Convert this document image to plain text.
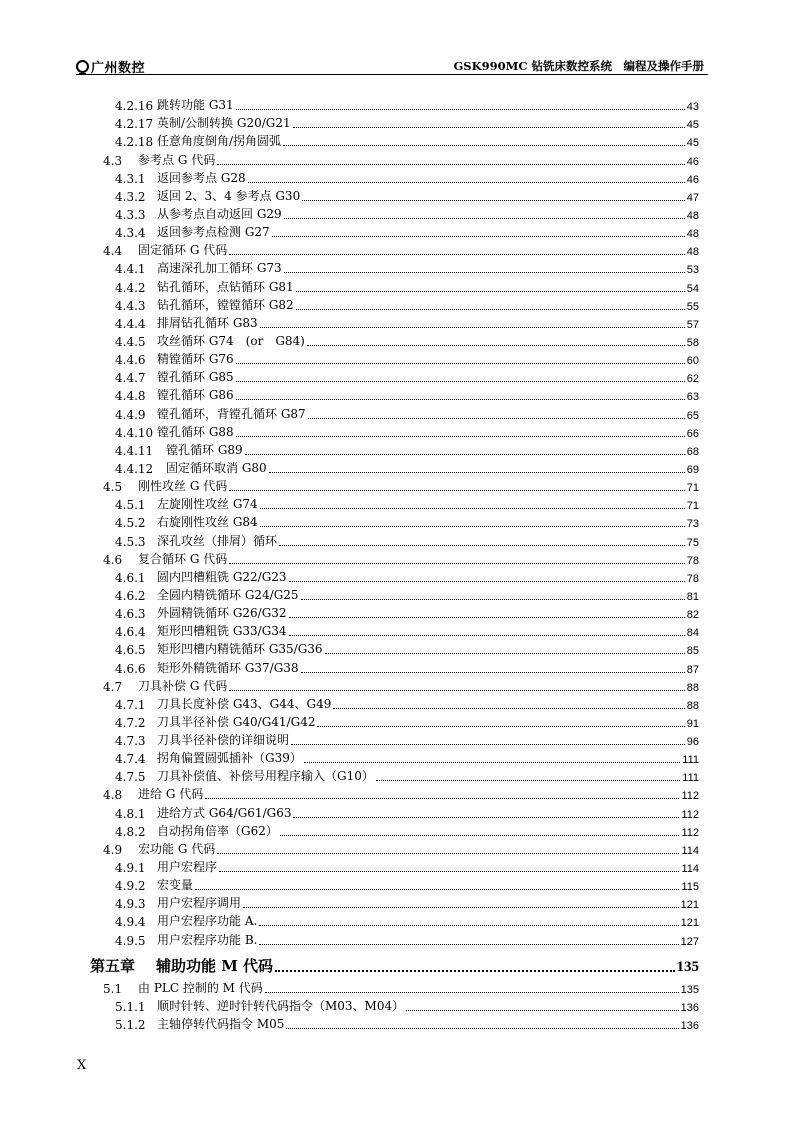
广州数控	GSK990MC 钻铣床数控系统　编程及操作手册
4.2.16 跳转功能 G31	43
4.2.17 英制/公制转换 G20/G21	45
4.2.18 任意角度倒角/拐角圆弧	45
4.3	参考点 G 代码	46
4.3.1 返回参考点 G28	46
4.3.2 返回 2、3、4 参考点 G30	47
4.3.3 从参考点自动返回 G29	48
4.3.4 返回参考点检测 G27	48
4.4	固定循环 G 代码	48
4.4.1 高速深孔加工循环 G73	53
4.4.2 钻孔循环，点钻循环 G81	54
4.4.3 钻孔循环，镗镗循环 G82	55
4.4.4 排屑钻孔循环 G83	57
4.4.5 攻丝循环 G74　(or　G84)	58
4.4.6 精镗循环 G76	60
4.4.7 镗孔循环 G85	62
4.4.8 镗孔循环 G86	63
4.4.9 镗孔循环，背镗孔循环 G87	65
4.4.10 镗孔循环 G88	66
4.4.11	镗孔循环 G89	68
4.4.12	固定循环取消 G80	69
4.5	刚性攻丝 G 代码	71
4.5.1 左旋刚性攻丝 G74	71
4.5.2 右旋刚性攻丝 G84	73
4.5.3 深孔攻丝（排屑）循环	75
4.6	复合循环 G 代码	78
4.6.1 圆内凹槽粗铣 G22/G23	78
4.6.2 全圆内精铣循环 G24/G25	81
4.6.3 外圆精铣循环 G26/G32	82
4.6.4 矩形凹槽粗铣 G33/G34	84
4.6.5 矩形凹槽内精铣循环 G35/G36	85
4.6.6 矩形外精铣循环 G37/G38	87
4.7	刀具补偿 G 代码	88
4.7.1 刀具长度补偿 G43、G44、G49	88
4.7.2 刀具半径补偿 G40/G41/G42	91
4.7.3 刀具半径补偿的详细说明	96
4.7.4 拐角偏置圆弧插补（G39）	111
4.7.5 刀具补偿值、补偿号用程序输入（G10）	111
4.8	进给 G 代码	112
4.8.1 进给方式 G64/G61/G63	112
4.8.2 自动拐角倍率（G62）	112
4.9	宏功能 G 代码	114
4.9.1 用户宏程序	114
4.9.2 宏变量	115
4.9.3 用户宏程序调用	121
4.9.4 用户宏程序功能 A.	121
4.9.5 用户宏程序功能 B.	127
第五章	辅助功能 M 代码	135
5.1	由 PLC 控制的 M 代码	135
5.1.1 顺时针转、逆时针转代码指令（M03、M04）	136
5.1.2 主轴停转代码指令 M05	136
X
